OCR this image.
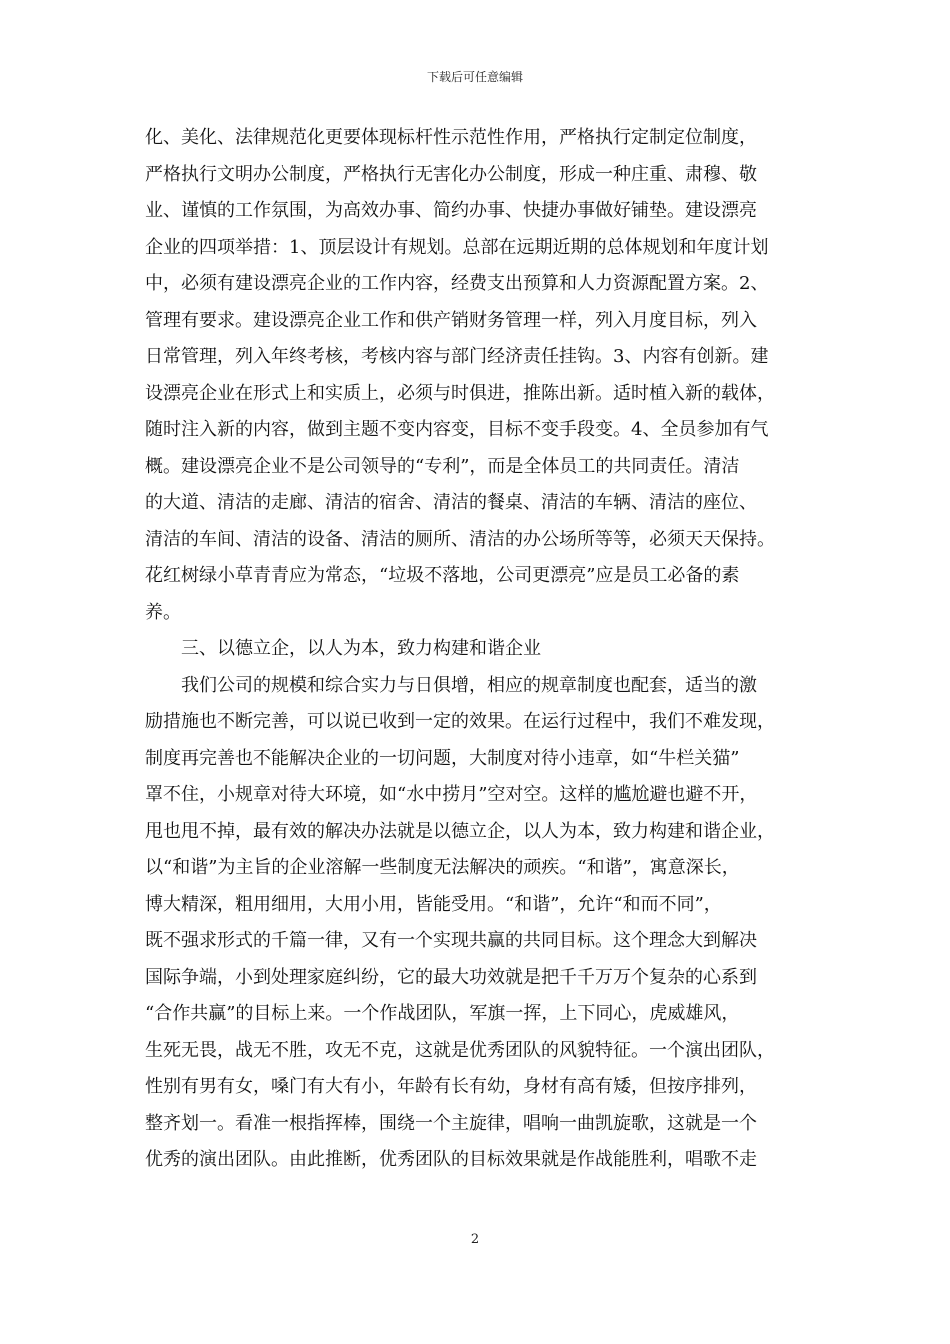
下载后可任意编辑
化、美化、法律规范化更要体现标杆性示范性作用，严格执行定制定位制度，
严格执行文明办公制度，严格执行无害化办公制度，形成一种庄重、肃穆、敬
业、谨慎的工作氛围，为高效办事、简约办事、快捷办事做好铺垫。建设漂亮
企业的四项举措：1、顶层设计有规划。总部在远期近期的总体规划和年度计划
中，必须有建设漂亮企业的工作内容，经费支出预算和人力资源配置方案。2、
管理有要求。建设漂亮企业工作和供产销财务管理一样，列入月度目标，列入
日常管理，列入年终考核，考核内容与部门经济责任挂钩。3、内容有创新。建
设漂亮企业在形式上和实质上，必须与时俱进，推陈出新。适时植入新的载体，
随时注入新的内容，做到主题不变内容变，目标不变手段变。4、全员参加有气
概。建设漂亮企业不是公司领导的“专利”，而是全体员工的共同责任。清洁
的大道、清洁的走廊、清洁的宿舍、清洁的餐桌、清洁的车辆、清洁的座位、
清洁的车间、清洁的设备、清洁的厕所、清洁的办公场所等等，必须天天保持。
花红树绿小草青青应为常态，“垃圾不落地，公司更漂亮”应是员工必备的素
养。
三、以德立企，以人为本，致力构建和谐企业
我们公司的规模和综合实力与日俱增，相应的规章制度也配套，适当的激
励措施也不断完善，可以说已收到一定的效果。在运行过程中，我们不难发现，
制度再完善也不能解决企业的一切问题，大制度对待小违章，如“牛栏关猫”
罩不住，小规章对待大环境，如“水中捞月”空对空。这样的尴尬避也避不开，
甩也甩不掉，最有效的解决办法就是以德立企，以人为本，致力构建和谐企业，
以“和谐”为主旨的企业溶解一些制度无法解决的顽疾。“和谐”，寓意深长，
博大精深，粗用细用，大用小用，皆能受用。“和谐”，允许“和而不同”，
既不强求形式的千篇一律，又有一个实现共赢的共同目标。这个理念大到解决
国际争端，小到处理家庭纠纷，它的最大功效就是把千千万万个复杂的心系到
“合作共赢”的目标上来。一个作战团队，军旗一挥，上下同心，虎威雄风，
生死无畏，战无不胜，攻无不克，这就是优秀团队的风貌特征。一个演出团队，
性别有男有女，嗓门有大有小，年龄有长有幼，身材有高有矮，但按序排列，
整齐划一。看准一根指挥棒，围绕一个主旋律，唱响一曲凯旋歌，这就是一个
优秀的演出团队。由此推断，优秀团队的目标效果就是作战能胜利，唱歌不走
2
